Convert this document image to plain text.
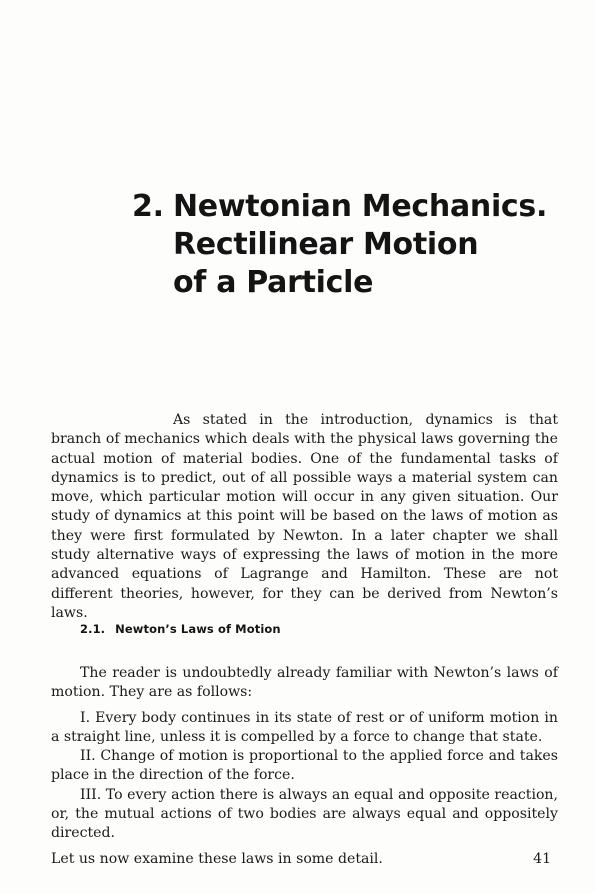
2. Newtonian Mechanics.
Rectilinear Motion
of a Particle

As stated in the introduction, dynamics is that branch of mechanics which deals with the physical laws governing the actual motion of material bodies. One of the fundamental tasks of dynamics is to predict, out of all possible ways a material system can move, which particular motion will occur in any given situation. Our study of dynamics at this point will be based on the laws of motion as they were first formulated by Newton. In a later chapter we shall study alternative ways of expressing the laws of motion in the more advanced equations of Lagrange and Hamilton. These are not different theories, however, for they can be derived from Newton’s laws.

2.1. Newton’s Laws of Motion

The reader is undoubtedly already familiar with Newton’s laws of motion. They are as follows:

I. Every body continues in its state of rest or of uniform motion in a straight line, unless it is compelled by a force to change that state.

II. Change of motion is proportional to the applied force and takes place in the direction of the force.

III. To every action there is always an equal and opposite reaction, or, the mutual actions of two bodies are always equal and oppositely directed.

Let us now examine these laws in some detail.	41
